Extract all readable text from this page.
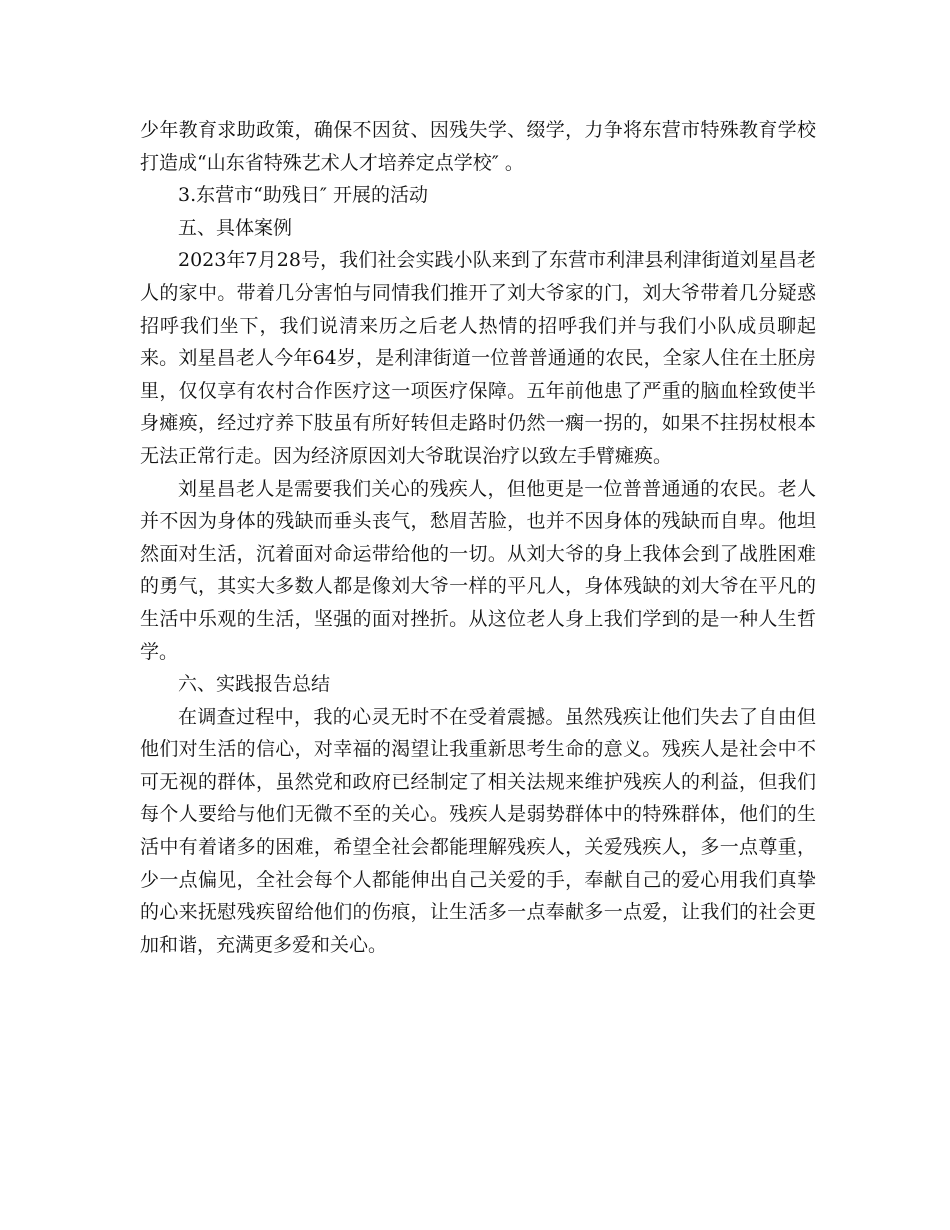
少年教育求助政策，确保不因贫、因残失学、缀学，力争将东营市特殊教育学校打造成“山东省特殊艺术人才培养定点学校″ 。

3.东营市“助残日″ 开展的活动

五、具体案例

2023年7月28号，我们社会实践小队来到了东营市利津县利津街道刘星昌老人的家中。带着几分害怕与同情我们推开了刘大爷家的门，刘大爷带着几分疑惑招呼我们坐下，我们说清来历之后老人热情的招呼我们并与我们小队成员聊起来。刘星昌老人今年64岁，是利津街道一位普普通通的农民，全家人住在土胚房里，仅仅享有农村合作医疗这一项医疗保障。五年前他患了严重的脑血栓致使半身瘫痪，经过疗养下肢虽有所好转但走路时仍然一瘸一拐的，如果不拄拐杖根本无法正常行走。因为经济原因刘大爷耽误治疗以致左手臂瘫痪。

刘星昌老人是需要我们关心的残疾人，但他更是一位普普通通的农民。老人并不因为身体的残缺而垂头丧气，愁眉苦脸，也并不因身体的残缺而自卑。他坦然面对生活，沉着面对命运带给他的一切。从刘大爷的身上我体会到了战胜困难的勇气，其实大多数人都是像刘大爷一样的平凡人，身体残缺的刘大爷在平凡的生活中乐观的生活，坚强的面对挫折。从这位老人身上我们学到的是一种人生哲学。

六、实践报告总结

在调查过程中，我的心灵无时不在受着震撼。虽然残疾让他们失去了自由但他们对生活的信心，对幸福的渴望让我重新思考生命的意义。残疾人是社会中不可无视的群体，虽然党和政府已经制定了相关法规来维护残疾人的利益，但我们每个人要给与他们无微不至的关心。残疾人是弱势群体中的特殊群体，他们的生活中有着诸多的困难，希望全社会都能理解残疾人，关爱残疾人，多一点尊重，少一点偏见，全社会每个人都能伸出自己关爱的手，奉献自己的爱心用我们真挚的心来抚慰残疾留给他们的伤痕，让生活多一点奉献多一点爱，让我们的社会更加和谐，充满更多爱和关心。
